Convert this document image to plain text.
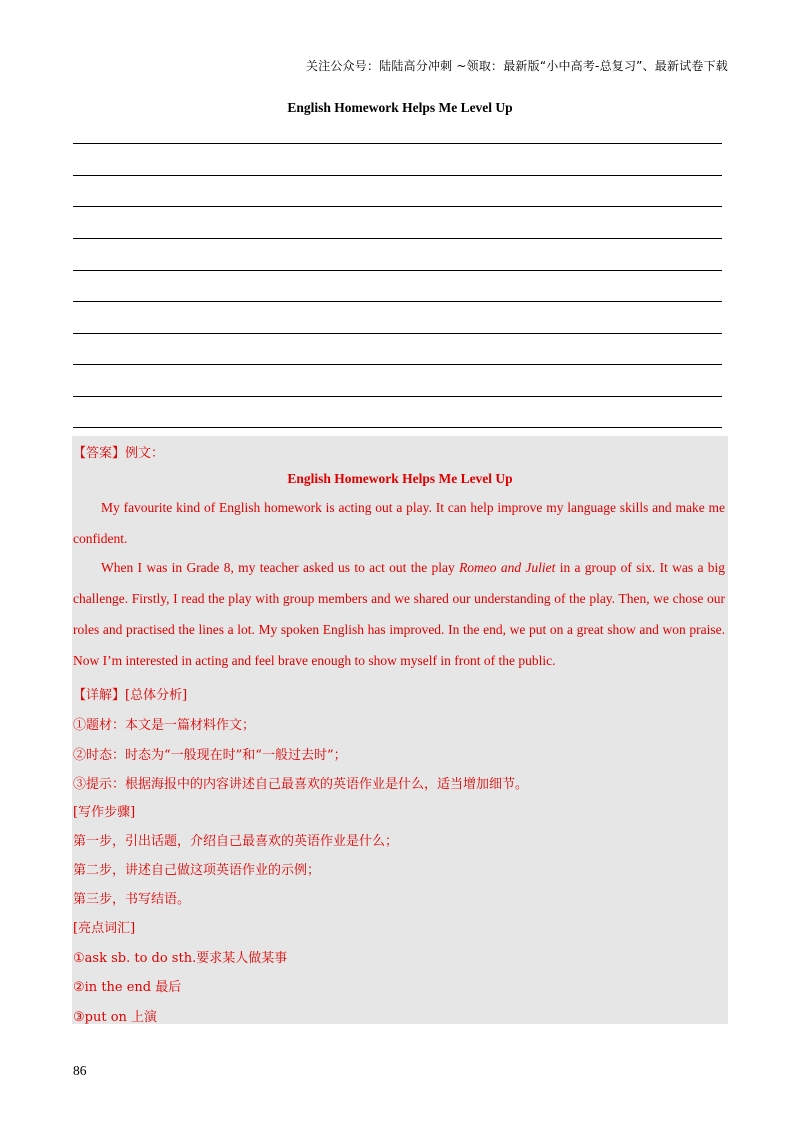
关注公众号：陆陆高分冲刺 ~领取：最新版“小中高考-总复习”、最新试卷下载
English Homework Helps Me Level Up
【答案】例文：
English Homework Helps Me Level Up
My favourite kind of English homework is acting out a play. It can help improve my language skills and make me confident.
When I was in Grade 8, my teacher asked us to act out the play Romeo and Juliet in a group of six. It was a big challenge. Firstly, I read the play with group members and we shared our understanding of the play. Then, we chose our roles and practised the lines a lot. My spoken English has improved. In the end, we put on a great show and won praise. Now I’m interested in acting and feel brave enough to show myself in front of the public.
【详解】[总体分析]
①题材：本文是一篇材料作文；
②时态：时态为“一般现在时”和“一般过去时”；
③提示：根据海报中的内容讲述自己最喜欢的英语作业是什么，适当增加细节。
[写作步骤]
第一步，引出话题，介绍自己最喜欢的英语作业是什么；
第二步，讲述自己做这项英语作业的示例；
第三步，书写结语。
[亮点词汇]
①ask sb. to do sth.要求某人做某事
②in the end 最后
③put on 上演
86
